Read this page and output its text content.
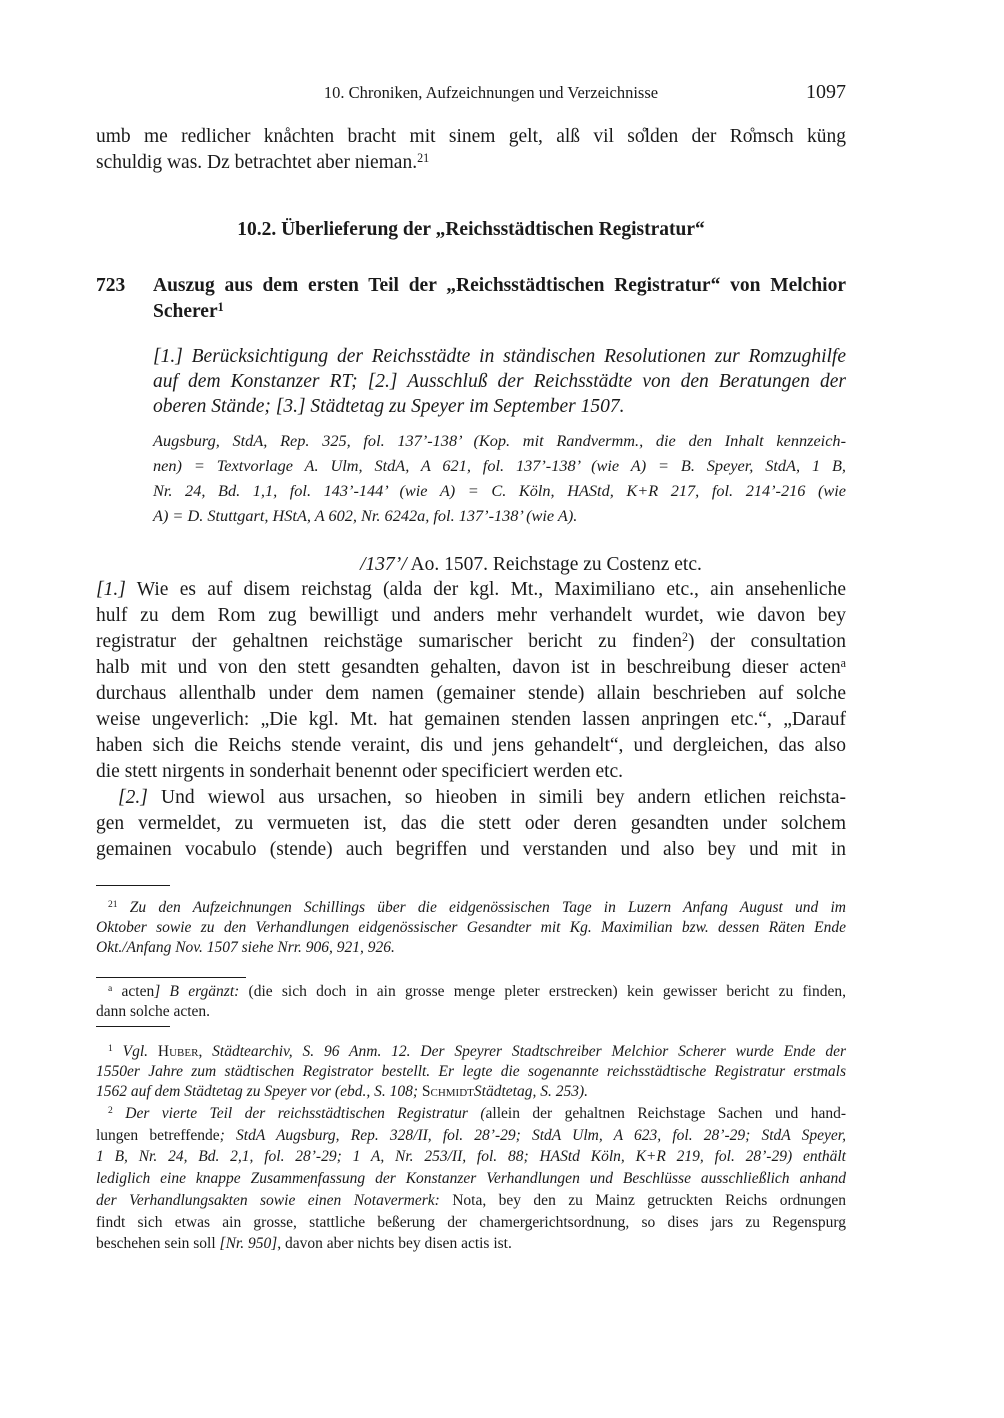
10. Chroniken, Aufzeichnungen und Verzeichnisse	1097
umb me redlicher knåchten bracht mit sinem gelt, alß vil so̊lden der Ro̊msch küng
schuldig was. Dz betrachtet aber nieman.$^{21}$
10.2. Überlieferung der „Reichsstädtischen Registratur“
723 Auszug aus dem ersten Teil der „Reichsstädtischen Registratur“ von Melchior
Scherer$^1$
[1.] Berücksichtigung der Reichsstädte in ständischen Resolutionen zur Romzughilfe
auf dem Konstanzer RT; [2.] Ausschluß der Reichsstädte von den Beratungen der
oberen Stände; [3.] Städtetag zu Speyer im September 1507.
Augsburg, StdA, Rep. 325, fol. 137’-138’ (Kop. mit Randvermm., die den Inhalt kennzeich-
nen) = Textvorlage A. Ulm, StdA, A 621, fol. 137’-138’ (wie A) = B. Speyer, StdA, 1 B,
Nr. 24, Bd. 1,1, fol. 143’-144’ (wie A) = C. Köln, HAStd, K+R 217, fol. 214’-216 (wie
A) = D. Stuttgart, HStA, A 602, Nr. 6242a, fol. 137’-138’ (wie A).
/137’/ Ao. 1507. Reichstage zu Costenz etc.
[1.] Wie es auf disem reichstag (alda der kgl. Mt., Maximiliano etc., ain ansehenliche
hulf zu dem Rom zug bewilligt und anders mehr verhandelt wurdet, wie davon bey
registratur der gehaltnen reichstäge sumarischer bericht zu finden$^2$) der consultation
halb mit und von den stett gesandten gehalten, davon ist in beschreibung dieser acten$^a$
durchaus allenthalb under dem namen (gemainer stende) allain beschrieben auf solche
weise ungeverlich: „Die kgl. Mt. hat gemainen stenden lassen anpringen etc.“, „Darauf
haben sich die Reichs stende veraint, dis und jens gehandelt“, und dergleichen, das also
die stett nirgents in sonderhait benennt oder specificiert werden etc.
[2.] Und wiewol aus ursachen, so hieoben in simili bey andern etlichen reichsta-
gen vermeldet, zu vermueten ist, das die stett oder deren gesandten under solchem
gemainen vocabulo (stende) auch begriffen und verstanden und also bey und mit in
$^{21}$ Zu den Aufzeichnungen Schillings über die eidgenössischen Tage in Luzern Anfang August und im
Oktober sowie zu den Verhandlungen eidgenössischer Gesandter mit Kg. Maximilian bzw. dessen Räten Ende
Okt./Anfang Nov. 1507 siehe Nrr. 906, 921, 926.
$^a$ acten] B ergänzt: (die sich doch in ain grosse menge pleter erstrecken) kein gewisser bericht zu finden,
dann solche acten.
$^1$ Vgl. Huber, Städtearchiv, S. 96 Anm. 12. Der Speyrer Stadtschreiber Melchior Scherer wurde Ende der
1550er Jahre zum städtischen Registrator bestellt. Er legte die sogenannte reichsstädtische Registratur erstmals
1562 auf dem Städtetag zu Speyer vor (ebd., S. 108; SchmidtStädtetag, S. 253).
$^2$ Der vierte Teil der reichsstädtischen Registratur (allein der gehaltnen Reichstage Sachen und hand-
lungen betreffende; StdA Augsburg, Rep. 328/II, fol. 28’-29; StdA Ulm, A 623, fol. 28’-29; StdA Speyer,
1 B, Nr. 24, Bd. 2,1, fol. 28’-29; 1 A, Nr. 253/II, fol. 88; HAStd Köln, K+R 219, fol. 28’-29) enthält
lediglich eine knappe Zusammenfassung der Konstanzer Verhandlungen und Beschlüsse ausschließlich anhand
der Verhandlungsakten sowie einen Notavermerk: Nota, bey den zu Mainz getruckten Reichs ordnungen
findt sich etwas ain grosse, stattliche beßerung der chamergerichtsordnung, so dises jars zu Regenspurg
beschehen sein soll [Nr. 950], davon aber nichts bey disen actis ist.
